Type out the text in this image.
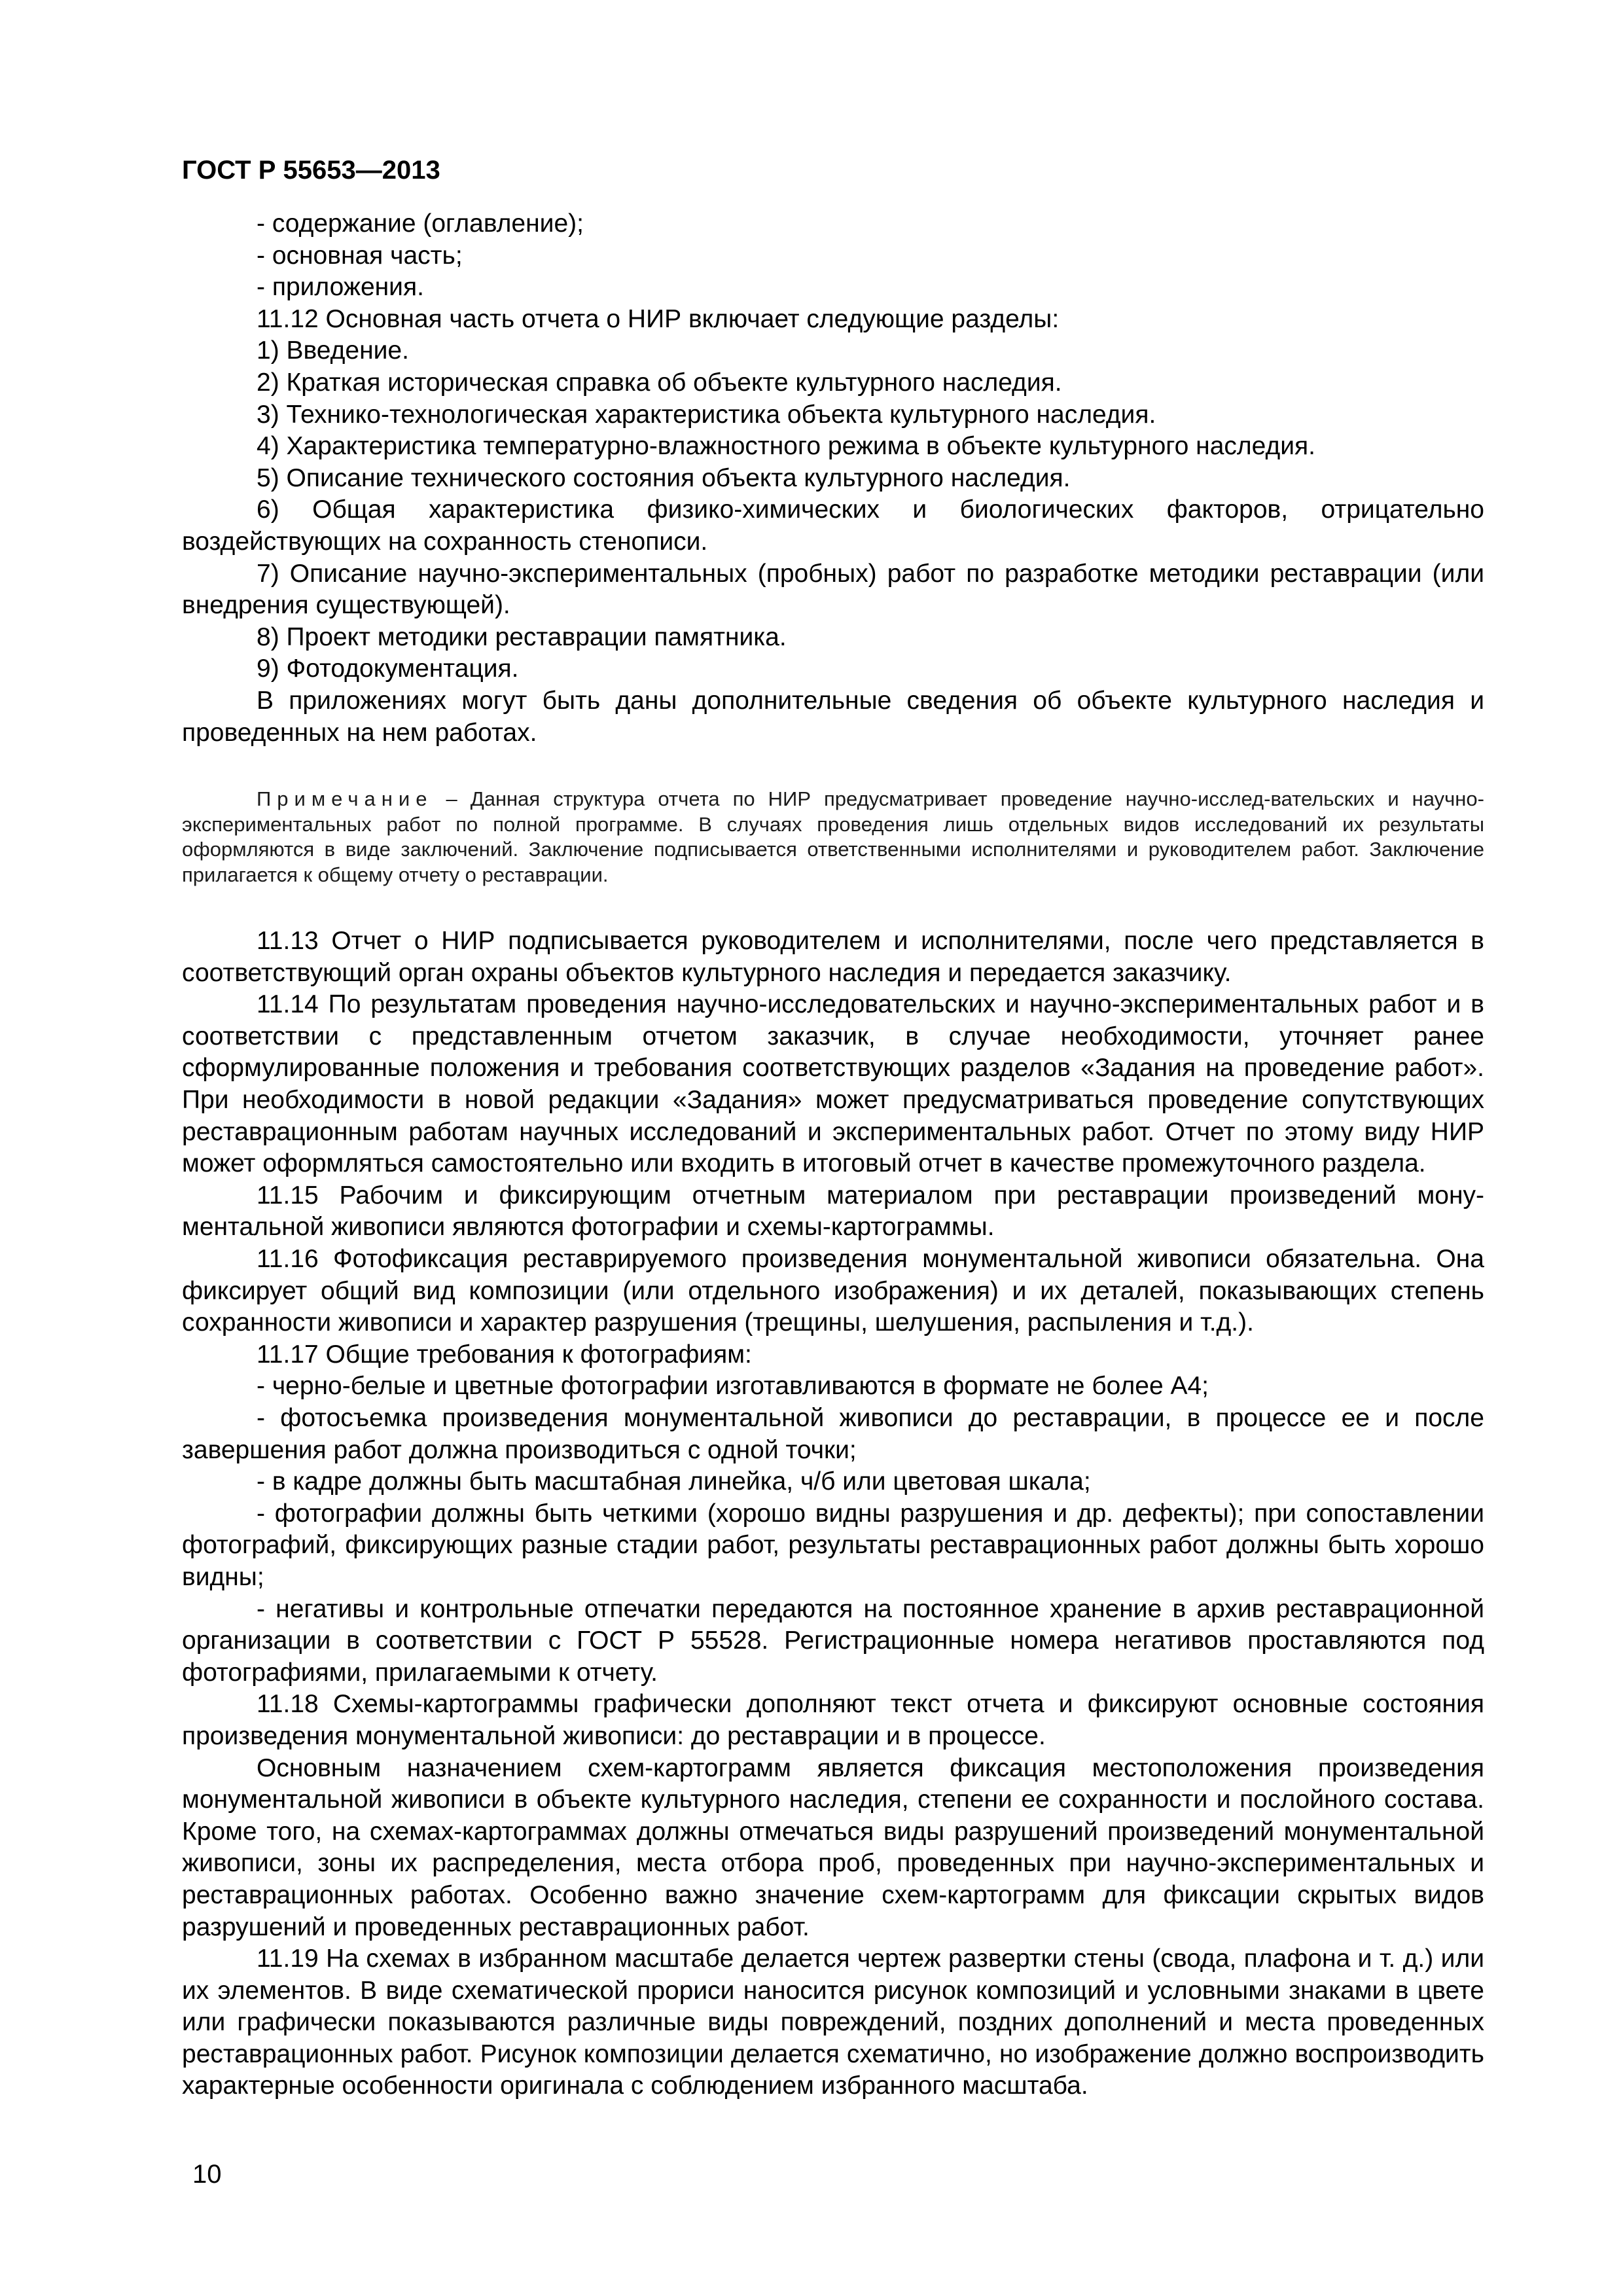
ГОСТ Р 55653—2013

- содержание (оглавление);

- основная часть;

- приложения.

11.12 Основная часть отчета о НИР включает следующие разделы:

1) Введение.

2) Краткая историческая справка об объекте культурного наследия.

3) Технико-технологическая характеристика объекта культурного наследия.

4) Характеристика температурно-влажностного режима в объекте культурного наследия.

5) Описание технического состояния объекта культурного наследия.

6) Общая характеристика физико-химических и биологических факторов, отрицательно воздействующих на сохранность стенописи.

7) Описание научно-экспериментальных (пробных) работ по разработке методики реставрации (или внедрения существующей).

8) Проект методики реставрации памятника.

9) Фотодокументация.

В приложениях могут быть даны дополнительные сведения об объекте культурного наследия и проведенных на нем работах.

Примечание – Данная структура отчета по НИР предусматривает проведение научно-исслед-вательских и научно-экспериментальных работ по полной программе. В случаях проведения лишь отдельных видов исследований их результаты оформляются в виде заключений. Заключение подписывается ответственными исполнителями и руководителем работ. Заключение прилагается к общему отчету о реставрации.

11.13 Отчет о НИР подписывается руководителем и исполнителями, после чего представляется в соответствующий орган охраны объектов культурного наследия и передается заказчику.

11.14 По результатам проведения научно-исследовательских и научно-экспериментальных работ и в соответствии с представленным отчетом заказчик, в случае необходимости, уточняет ранее сформулированные положения и требования соответствующих разделов «Задания на проведение работ». При необходимости в новой редакции «Задания» может предусматриваться проведение сопутствующих реставрационным работам научных исследований и экспериментальных работ. Отчет по этому виду НИР может оформляться самостоятельно или входить в итоговый отчет в качестве промежуточного раздела.

11.15 Рабочим и фиксирующим отчетным материалом при реставрации произведений монументальной живописи являются фотографии и схемы-картограммы.

11.16 Фотофиксация реставрируемого произведения монументальной живописи обязательна. Она фиксирует общий вид композиции (или отдельного изображения) и их деталей, показывающих степень сохранности живописи и характер разрушения (трещины, шелушения, распыления и т.д.).

11.17 Общие требования к фотографиям:

- черно-белые и цветные фотографии изготавливаются в формате не более А4;

- фотосъемка произведения монументальной живописи до реставрации, в процессе ее и после завершения работ должна производиться с одной точки;

- в кадре должны быть масштабная линейка, ч/б или цветовая шкала;

- фотографии должны быть четкими (хорошо видны разрушения и др. дефекты); при сопоставлении фотографий, фиксирующих разные стадии работ, результаты реставрационных работ должны быть хорошо видны;

- негативы и контрольные отпечатки передаются на постоянное хранение в архив реставрационной организации в соответствии с ГОСТ Р 55528. Регистрационные номера негативов проставляются под фотографиями, прилагаемыми к отчету.

11.18 Схемы-картограммы графически дополняют текст отчета и фиксируют основные состояния произведения монументальной живописи: до реставрации и в процессе.

Основным назначением схем-картограмм является фиксация местоположения произведения монументальной живописи в объекте культурного наследия, степени ее сохранности и послойного состава. Кроме того, на схемах-картограммах должны отмечаться виды разрушений произведений монументальной живописи, зоны их распределения, места отбора проб, проведенных при научно-экспериментальных и реставрационных работах. Особенно важно значение схем-картограмм для фиксации скрытых видов разрушений и проведенных реставрационных работ.

11.19 На схемах в избранном масштабе делается чертеж развертки стены (свода, плафона и т. д.) или их элементов. В виде схематической прориси наносится рисунок композиций и условными знаками в цвете или графически показываются различные виды повреждений, поздних дополнений и места проведенных реставрационных работ. Рисунок композиции делается схематично, но изображение должно воспроизводить характерные особенности оригинала с соблюдением избранного масштаба.

10
